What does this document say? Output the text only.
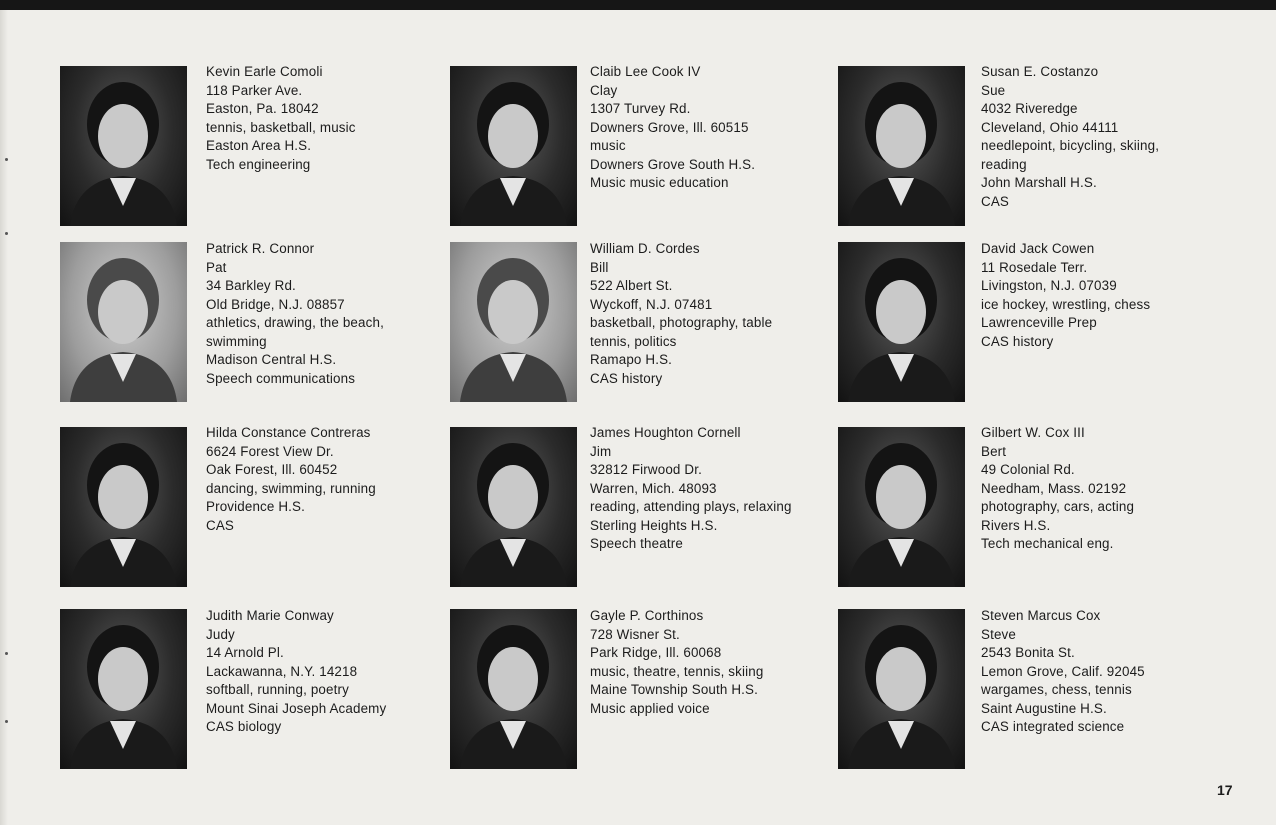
Kevin Earle Comoli
118 Parker Ave.
Easton, Pa. 18042
tennis, basketball, music
Easton Area H.S.
Tech engineering
Patrick R. Connor
Pat
34 Barkley Rd.
Old Bridge, N.J. 08857
athletics, drawing, the beach,
swimming
Madison Central H.S.
Speech communications
Hilda Constance Contreras
6624 Forest View Dr.
Oak Forest, Ill. 60452
dancing, swimming, running
Providence H.S.
CAS
Judith Marie Conway
Judy
14 Arnold Pl.
Lackawanna, N.Y. 14218
softball, running, poetry
Mount Sinai Joseph Academy
CAS biology
Claib Lee Cook IV
Clay
1307 Turvey Rd.
Downers Grove, Ill. 60515
music
Downers Grove South H.S.
Music music education
William D. Cordes
Bill
522 Albert St.
Wyckoff, N.J. 07481
basketball, photography, table
tennis, politics
Ramapo H.S.
CAS history
James Houghton Cornell
Jim
32812 Firwood Dr.
Warren, Mich. 48093
reading, attending plays, relaxing
Sterling Heights H.S.
Speech theatre
Gayle P. Corthinos
728 Wisner St.
Park Ridge, Ill. 60068
music, theatre, tennis, skiing
Maine Township South H.S.
Music applied voice
Susan E. Costanzo
Sue
4032 Riveredge
Cleveland, Ohio 44111
needlepoint, bicycling, skiing,
reading
John Marshall H.S.
CAS
David Jack Cowen
11 Rosedale Terr.
Livingston, N.J. 07039
ice hockey, wrestling, chess
Lawrenceville Prep
CAS history
Gilbert W. Cox III
Bert
49 Colonial Rd.
Needham, Mass. 02192
photography, cars, acting
Rivers H.S.
Tech mechanical eng.
Steven Marcus Cox
Steve
2543 Bonita St.
Lemon Grove, Calif. 92045
wargames, chess, tennis
Saint Augustine H.S.
CAS integrated science
17
